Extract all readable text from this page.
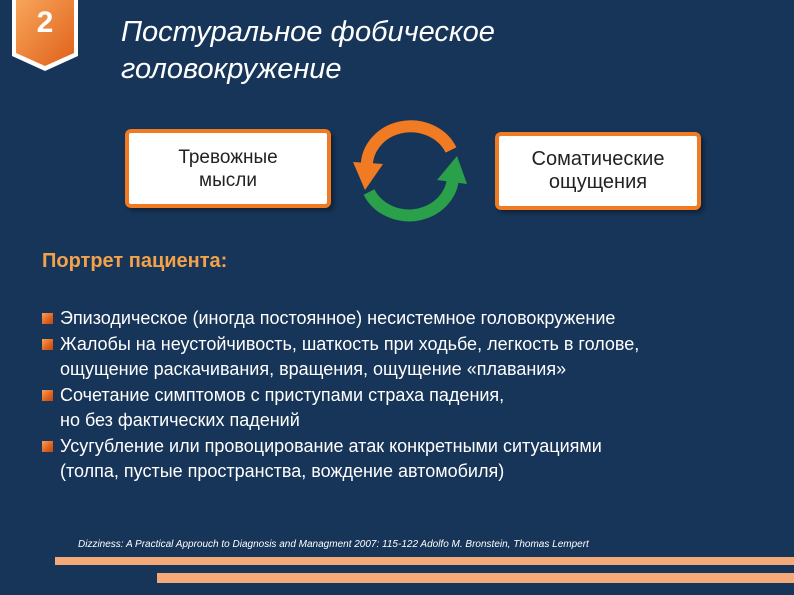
2	Постуральное фобическое
головокружение
Тревожные
мысли
Соматические
ощущения
Портрет пациента:
Эпизодическое (иногда постоянное) несистемное головокружение
Жалобы на неустойчивость, шаткость при ходьбе, легкость в голове,
ощущение раскачивания, вращения, ощущение «плавания»
Сочетание симптомов с приступами страха падения,
но без фактических падений
Усугубление или провоцирование атак конкретными ситуациями
(толпа, пустые пространства, вождение автомобиля)
Dizziness: A Practical Approuch to Diagnosis and Managment 2007: 115-122 Adolfo M. Bronstein, Thomas Lempert
